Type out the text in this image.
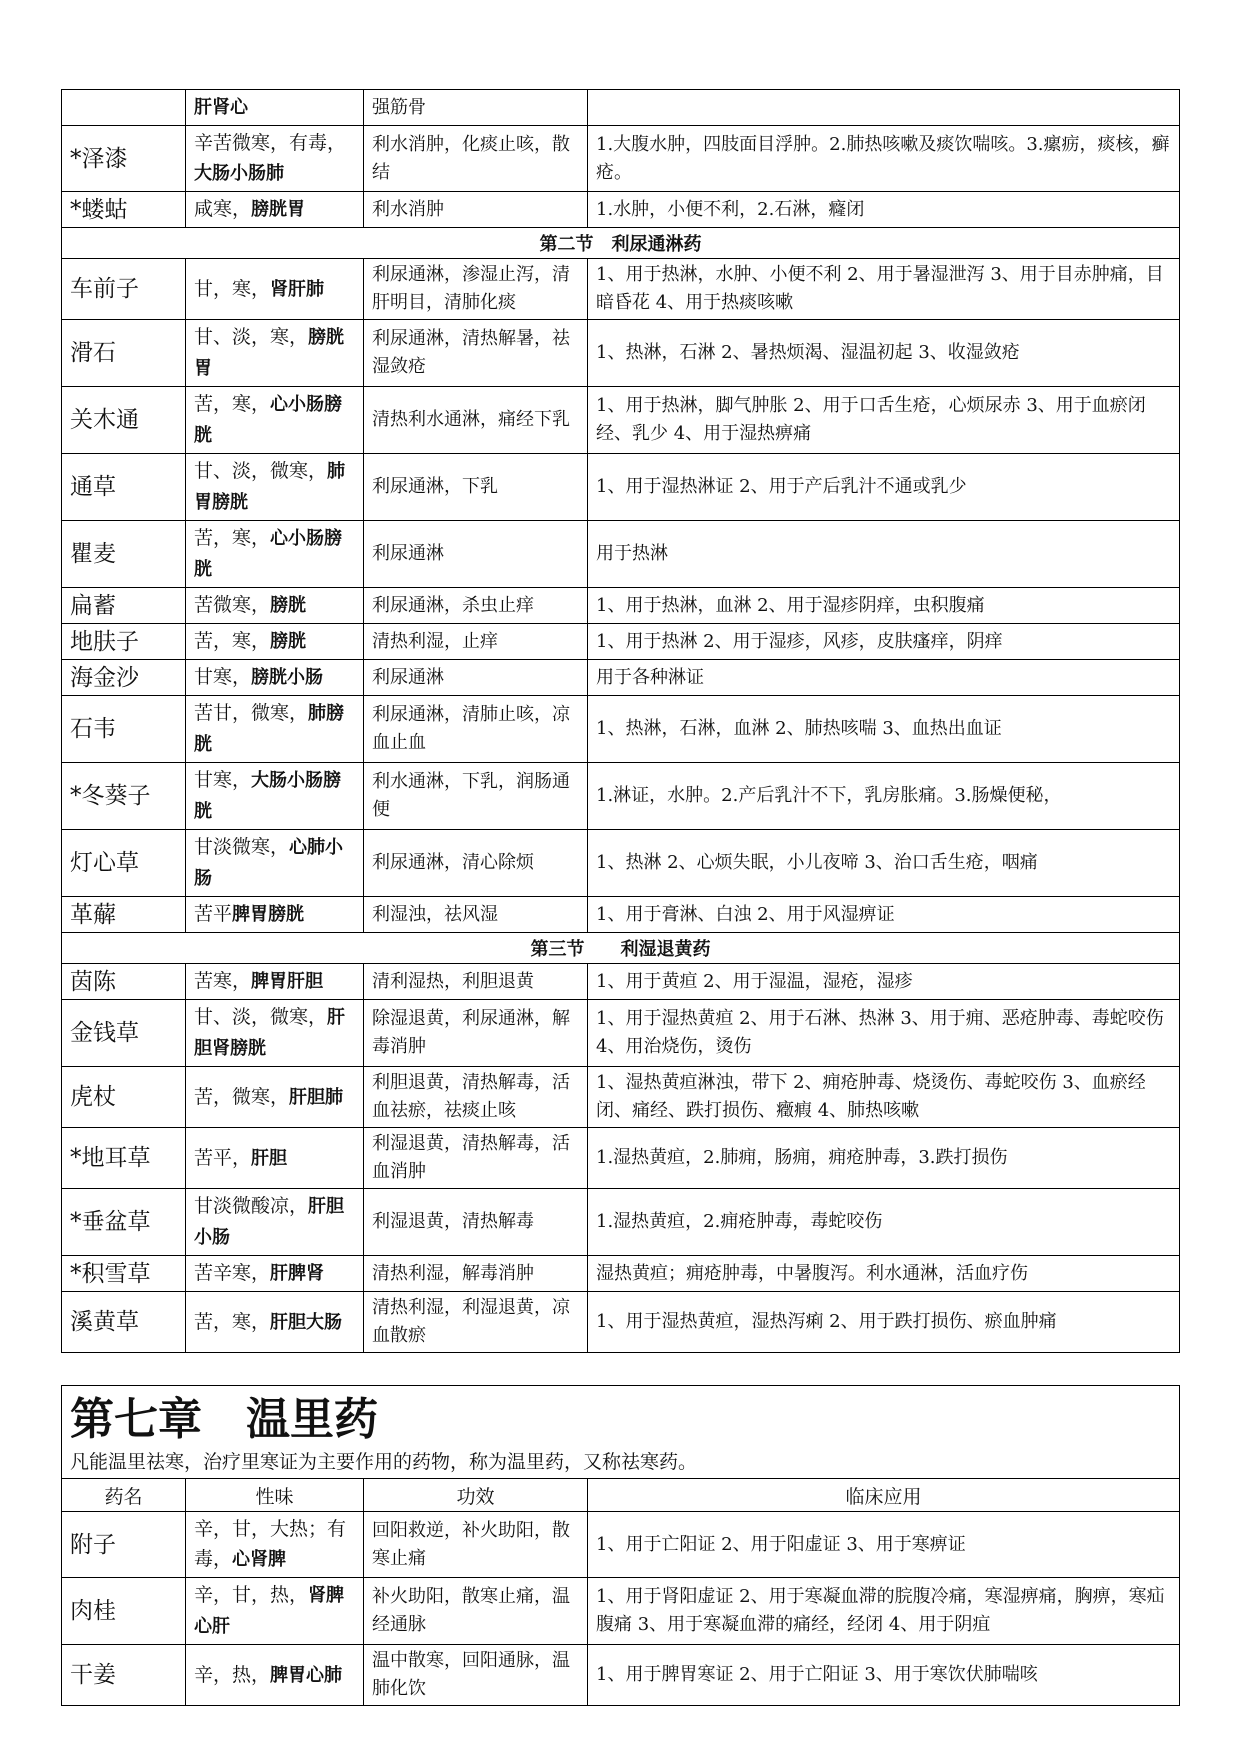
	肝肾心	强筋骨	
*泽漆	辛苦微寒，有毒，大肠小肠肺	利水消肿，化痰止咳，散结	1.大腹水肿，四肢面目浮肿。2.肺热咳嗽及痰饮喘咳。3.瘰疬，痰核，癣疮。
*蝼蛄	咸寒，膀胱胃	利水消肿	1.水肿，小便不利，2.石淋，癃闭
第二节　利尿通淋药			
车前子	甘，寒，肾肝肺	利尿通淋，渗湿止泻，清肝明目，清肺化痰	1、用于热淋，水肿、小便不利 2、用于暑湿泄泻 3、用于目赤肿痛，目暗昏花 4、用于热痰咳嗽
滑石	甘、淡，寒，膀胱胃	利尿通淋，清热解暑，祛湿敛疮	1、热淋，石淋 2、暑热烦渴、湿温初起 3、收湿敛疮
关木通	苦，寒，心小肠膀胱	清热利水通淋，痛经下乳	1、用于热淋，脚气肿胀 2、用于口舌生疮，心烦尿赤 3、用于血瘀闭经、乳少 4、用于湿热痹痛
通草	甘、淡，微寒，肺胃膀胱	利尿通淋，下乳	1、用于湿热淋证 2、用于产后乳汁不通或乳少
瞿麦	苦，寒，心小肠膀胱	利尿通淋	用于热淋
扁蓄	苦微寒，膀胱	利尿通淋，杀虫止痒	1、用于热淋，血淋 2、用于湿疹阴痒，虫积腹痛
地肤子	苦，寒，膀胱	清热利湿，止痒	1、用于热淋 2、用于湿疹，风疹，皮肤瘙痒，阴痒
海金沙	甘寒，膀胱小肠	利尿通淋	用于各种淋证
石韦	苦甘，微寒，肺膀胱	利尿通淋，清肺止咳，凉血止血	1、热淋，石淋，血淋 2、肺热咳喘 3、血热出血证
*冬葵子	甘寒，大肠小肠膀胱	利水通淋，下乳，润肠通便	1.淋证，水肿。2.产后乳汁不下，乳房胀痛。3.肠燥便秘，
灯心草	甘淡微寒，心肺小肠	利尿通淋，清心除烦	1、热淋 2、心烦失眠，小儿夜啼 3、治口舌生疮，咽痛
革薢	苦平脾胃膀胱	利湿浊，祛风湿	1、用于膏淋、白浊 2、用于风湿痹证
第三节　　利湿退黄药			
茵陈	苦寒，脾胃肝胆	清利湿热，利胆退黄	1、用于黄疸 2、用于湿温，湿疮，湿疹
金钱草	甘、淡，微寒，肝胆肾膀胱	除湿退黄，利尿通淋，解毒消肿	1、用于湿热黄疸 2、用于石淋、热淋 3、用于痈、恶疮肿毒、毒蛇咬伤 4、用治烧伤，烫伤
虎杖	苦，微寒，肝胆肺	利胆退黄，清热解毒，活血祛瘀，祛痰止咳	1、湿热黄疸淋浊，带下 2、痈疮肿毒、烧烫伤、毒蛇咬伤 3、血瘀经闭、痛经、跌打损伤、癥瘕 4、肺热咳嗽
*地耳草	苦平，肝胆	利湿退黄，清热解毒，活血消肿	1.湿热黄疸，2.肺痈，肠痈，痈疮肿毒，3.跌打损伤
*垂盆草	甘淡微酸凉，肝胆小肠	利湿退黄，清热解毒	1.湿热黄疸，2.痈疮肿毒，毒蛇咬伤
*积雪草	苦辛寒，肝脾肾	清热利湿，解毒消肿	湿热黄疸；痈疮肿毒，中暑腹泻。利水通淋，活血疗伤
溪黄草	苦，寒，肝胆大肠	清热利湿，利湿退黄，凉血散瘀	1、用于湿热黄疸，湿热泻痢 2、用于跌打损伤、瘀血肿痛
第七章　温里药
凡能温里祛寒，治疗里寒证为主要作用的药物，称为温里药，又称祛寒药。			

药名	性味	功效	临床应用
附子	辛，甘，大热；有毒，心肾脾	回阳救逆，补火助阳，散寒止痛	1、用于亡阳证 2、用于阳虚证 3、用于寒痹证
肉桂	辛，甘，热，肾脾心肝	补火助阳，散寒止痛，温经通脉	1、用于肾阳虚证 2、用于寒凝血滞的脘腹冷痛，寒湿痹痛，胸痹，寒疝腹痛 3、用于寒凝血滞的痛经，经闭 4、用于阴疽
干姜	辛，热，脾胃心肺	温中散寒，回阳通脉，温肺化饮	1、用于脾胃寒证 2、用于亡阳证 3、用于寒饮伏肺喘咳
